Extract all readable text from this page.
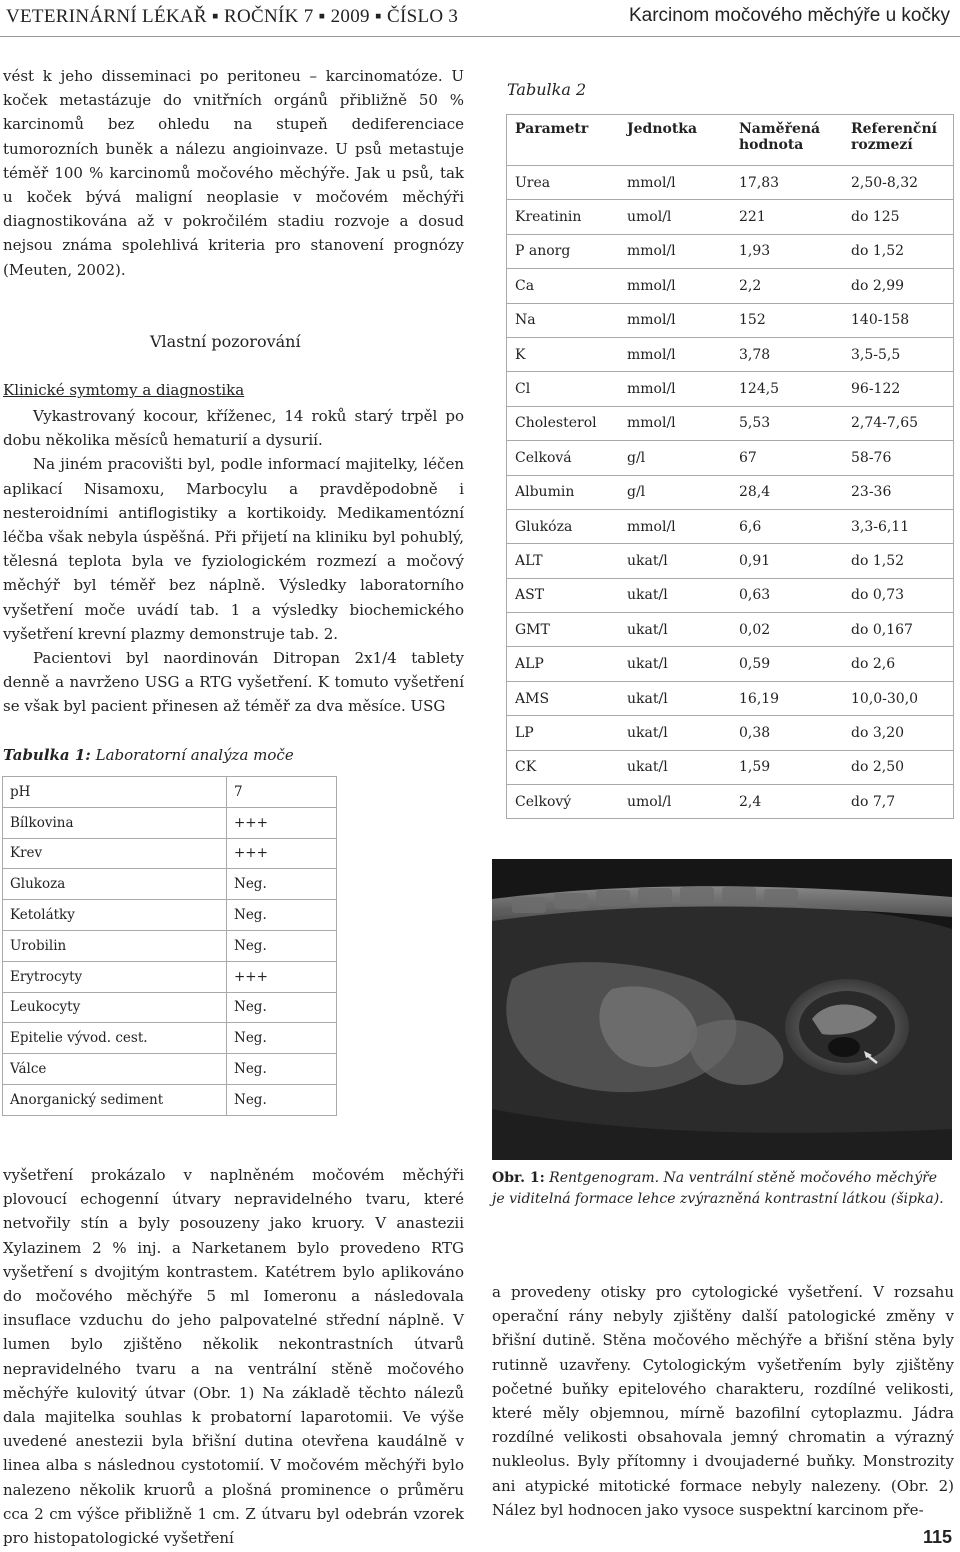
VETERINÁRNÍ LÉKAŘ ▪ ROČNÍK 7 ▪ 2009 ▪ ČÍSLO 3	Karcinom močového měchýře u kočky

vést k jeho disseminaci po peritoneu – karcinomatóze. U koček metastázuje do vnitřních orgánů přibližně 50 % karcinomů bez ohledu na stupeň dediferenciace tumorozních buněk a nálezu angioinvaze. U psů metastuje téměř 100 % karcinomů močového měchýře. Jak u psů, tak u koček bývá maligní neoplasie v močovém měchýři diagnostikována až v pokročilém stadiu rozvoje a dosud nejsou známa spolehlivá kriteria pro stanovení prognózy (Meuten, 2002).

Vlastní pozorování
Klinické symtomy a diagnostika

Vykastrovaný kocour, kříženec, 14 roků starý trpěl po dobu několika měsíců hematurií a dysurií.

Na jiném pracovišti byl, podle informací majitelky, léčen aplikací Nisamoxu, Marbocylu a pravděpodobně i nesteroidními antiflogistiky a kortikoidy. Medikamentózní léčba však nebyla úspěšná. Při přijetí na kliniku byl pohublý, tělesná teplota byla ve fyziologickém rozmezí a močový měchýř byl téměř bez náplně. Výsledky laboratorního vyšetření moče uvádí tab. 1 a výsledky biochemického vyšetření krevní plazmy demonstruje tab. 2.

Pacientovi byl naordinován Ditropan 2x1/4 tablety denně a navrženo USG a RTG vyšetření. K tomuto vyšetření se však byl pacient přinesen až téměř za dva měsíce. USG

Tabulka 1: Laboratorní analýza moče
pH	7
Bílkovina	+++
Krev	+++
Glukoza	Neg.
Ketolátky	Neg.
Urobilin	Neg.
Erytrocyty	+++
Leukocyty	Neg.
Epitelie vývod. cest.	Neg.
Válce	Neg.
Anorganický sediment	Neg.

vyšetření prokázalo v naplněném močovém měchýři plovoucí echogenní útvary nepravidelného tvaru, které netvořily stín a byly posouzeny jako kruory. V anastezii Xylazinem 2 % inj. a Narketanem bylo provedeno RTG vyšetření s dvojitým kontrastem. Katétrem bylo aplikováno do močového měchýře 5 ml Iomeronu a následovala insuflace vzduchu do jeho palpovatelné střední náplně. V lumen bylo zjištěno několik nekontrastních útvarů nepravidelného tvaru a na ventrální stěně močového měchýře kulovitý útvar (Obr. 1) Na základě těchto nálezů dala majitelka souhlas k probatorní laparotomii. Ve výše uvedené anestezii byla břišní dutina otevřena kaudálně v linea alba s následnou cystotomií. V močovém měchýři bylo nalezeno několik kruorů a plošná prominence o průměru cca 2 cm výšce přibližně 1 cm. Z útvaru byl odebrán vzorek pro histopatologické vyšetření

Tabulka 2
Parametr	Jednotka	Naměřená hodnota	Referenční rozmezí
Urea	mmol/l	17,83	2,50-8,32
Kreatinin	umol/l	221	do 125
P anorg	mmol/l	1,93	do 1,52
Ca	mmol/l	2,2	do 2,99
Na	mmol/l	152	140-158
K	mmol/l	3,78	3,5-5,5
Cl	mmol/l	124,5	96-122
Cholesterol	mmol/l	5,53	2,74-7,65
Celková	g/l	67	58-76
Albumin	g/l	28,4	23-36
Glukóza	mmol/l	6,6	3,3-6,11
ALT	ukat/l	0,91	do 1,52
AST	ukat/l	0,63	do 0,73
GMT	ukat/l	0,02	do 0,167
ALP	ukat/l	0,59	do 2,6
AMS	ukat/l	16,19	10,0-30,0
LP	ukat/l	0,38	do 3,20
CK	ukat/l	1,59	do 2,50
Celkový	umol/l	2,4	do 7,7
Obr. 1: Rentgenogram. Na ventrální stěně močového měchýře je viditelná formace lehce zvýrazněná kontrastní látkou (šipka).

a provedeny otisky pro cytologické vyšetření. V rozsahu operační rány nebyly zjištěny další patologické změny v břišní dutině. Stěna močového měchýře a břišní stěna byly rutinně uzavřeny. Cytologickým vyšetřením byly zjištěny početné buňky epitelového charakteru, rozdílné velikosti, které měly objemnou, mírně bazofilní cytoplazmu. Jádra rozdílné velikosti obsahovala jemný chromatin a výrazný nukleolus. Byly přítomny i dvoujaderné buňky. Monstrozity ani atypické mitotické formace nebyly nalezeny. (Obr. 2) Nález byl hodnocen jako vysoce suspektní karcinom pře-

115
